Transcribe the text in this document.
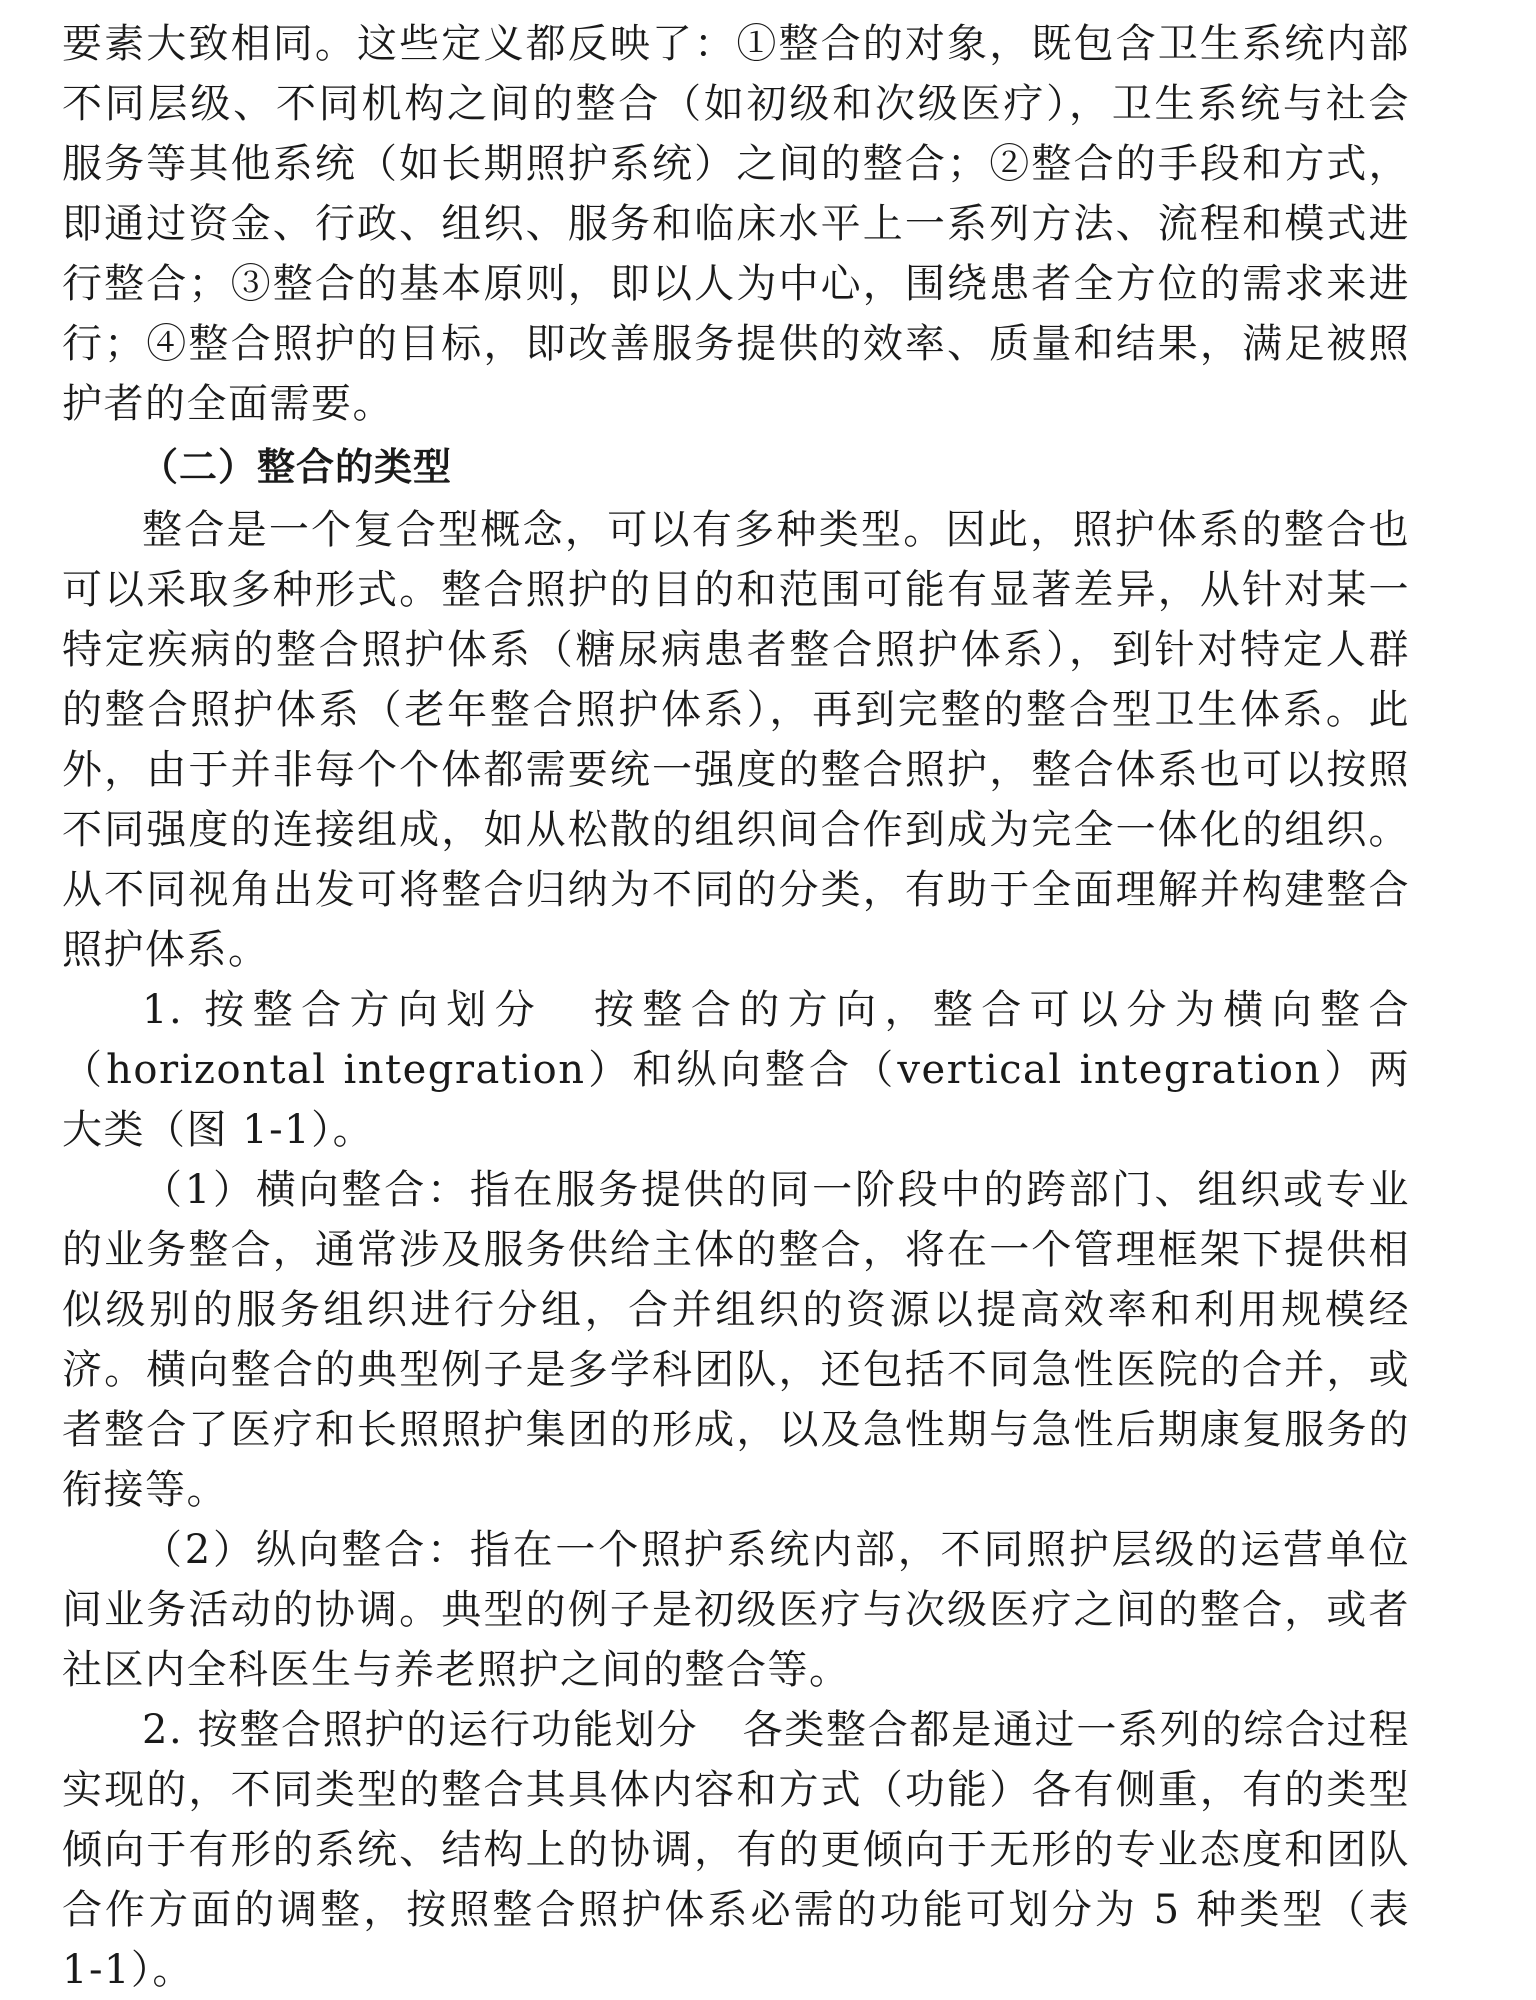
要素大致相同。这些定义都反映了：①整合的对象，既包含卫生系统内部不同层级、不同机构之间的整合（如初级和次级医疗），卫生系统与社会服务等其他系统（如长期照护系统）之间的整合；②整合的手段和方式，即通过资金、行政、组织、服务和临床水平上一系列方法、流程和模式进行整合；③整合的基本原则，即以人为中心，围绕患者全方位的需求来进行；④整合照护的目标，即改善服务提供的效率、质量和结果，满足被照护者的全面需要。

（二）整合的类型

整合是一个复合型概念，可以有多种类型。因此，照护体系的整合也可以采取多种形式。整合照护的目的和范围可能有显著差异，从针对某一特定疾病的整合照护体系（糖尿病患者整合照护体系），到针对特定人群的整合照护体系（老年整合照护体系），再到完整的整合型卫生体系。此外，由于并非每个个体都需要统一强度的整合照护，整合体系也可以按照不同强度的连接组成，如从松散的组织间合作到成为完全一体化的组织。从不同视角出发可将整合归纳为不同的分类，有助于全面理解并构建整合照护体系。

1. 按整合方向划分 按整合的方向，整合可以分为横向整合（horizontal integration）和纵向整合（vertical integration）两大类（图 1-1）。

（1）横向整合：指在服务提供的同一阶段中的跨部门、组织或专业的业务整合，通常涉及服务供给主体的整合，将在一个管理框架下提供相似级别的服务组织进行分组，合并组织的资源以提高效率和利用规模经济。横向整合的典型例子是多学科团队，还包括不同急性医院的合并，或者整合了医疗和长照照护集团的形成，以及急性期与急性后期康复服务的衔接等。

（2）纵向整合：指在一个照护系统内部，不同照护层级的运营单位间业务活动的协调。典型的例子是初级医疗与次级医疗之间的整合，或者社区内全科医生与养老照护之间的整合等。

2. 按整合照护的运行功能划分 各类整合都是通过一系列的综合过程实现的，不同类型的整合其具体内容和方式（功能）各有侧重，有的类型倾向于有形的系统、结构上的协调，有的更倾向于无形的专业态度和团队合作方面的调整，按照整合照护体系必需的功能可划分为 5 种类型（表 1-1）。
